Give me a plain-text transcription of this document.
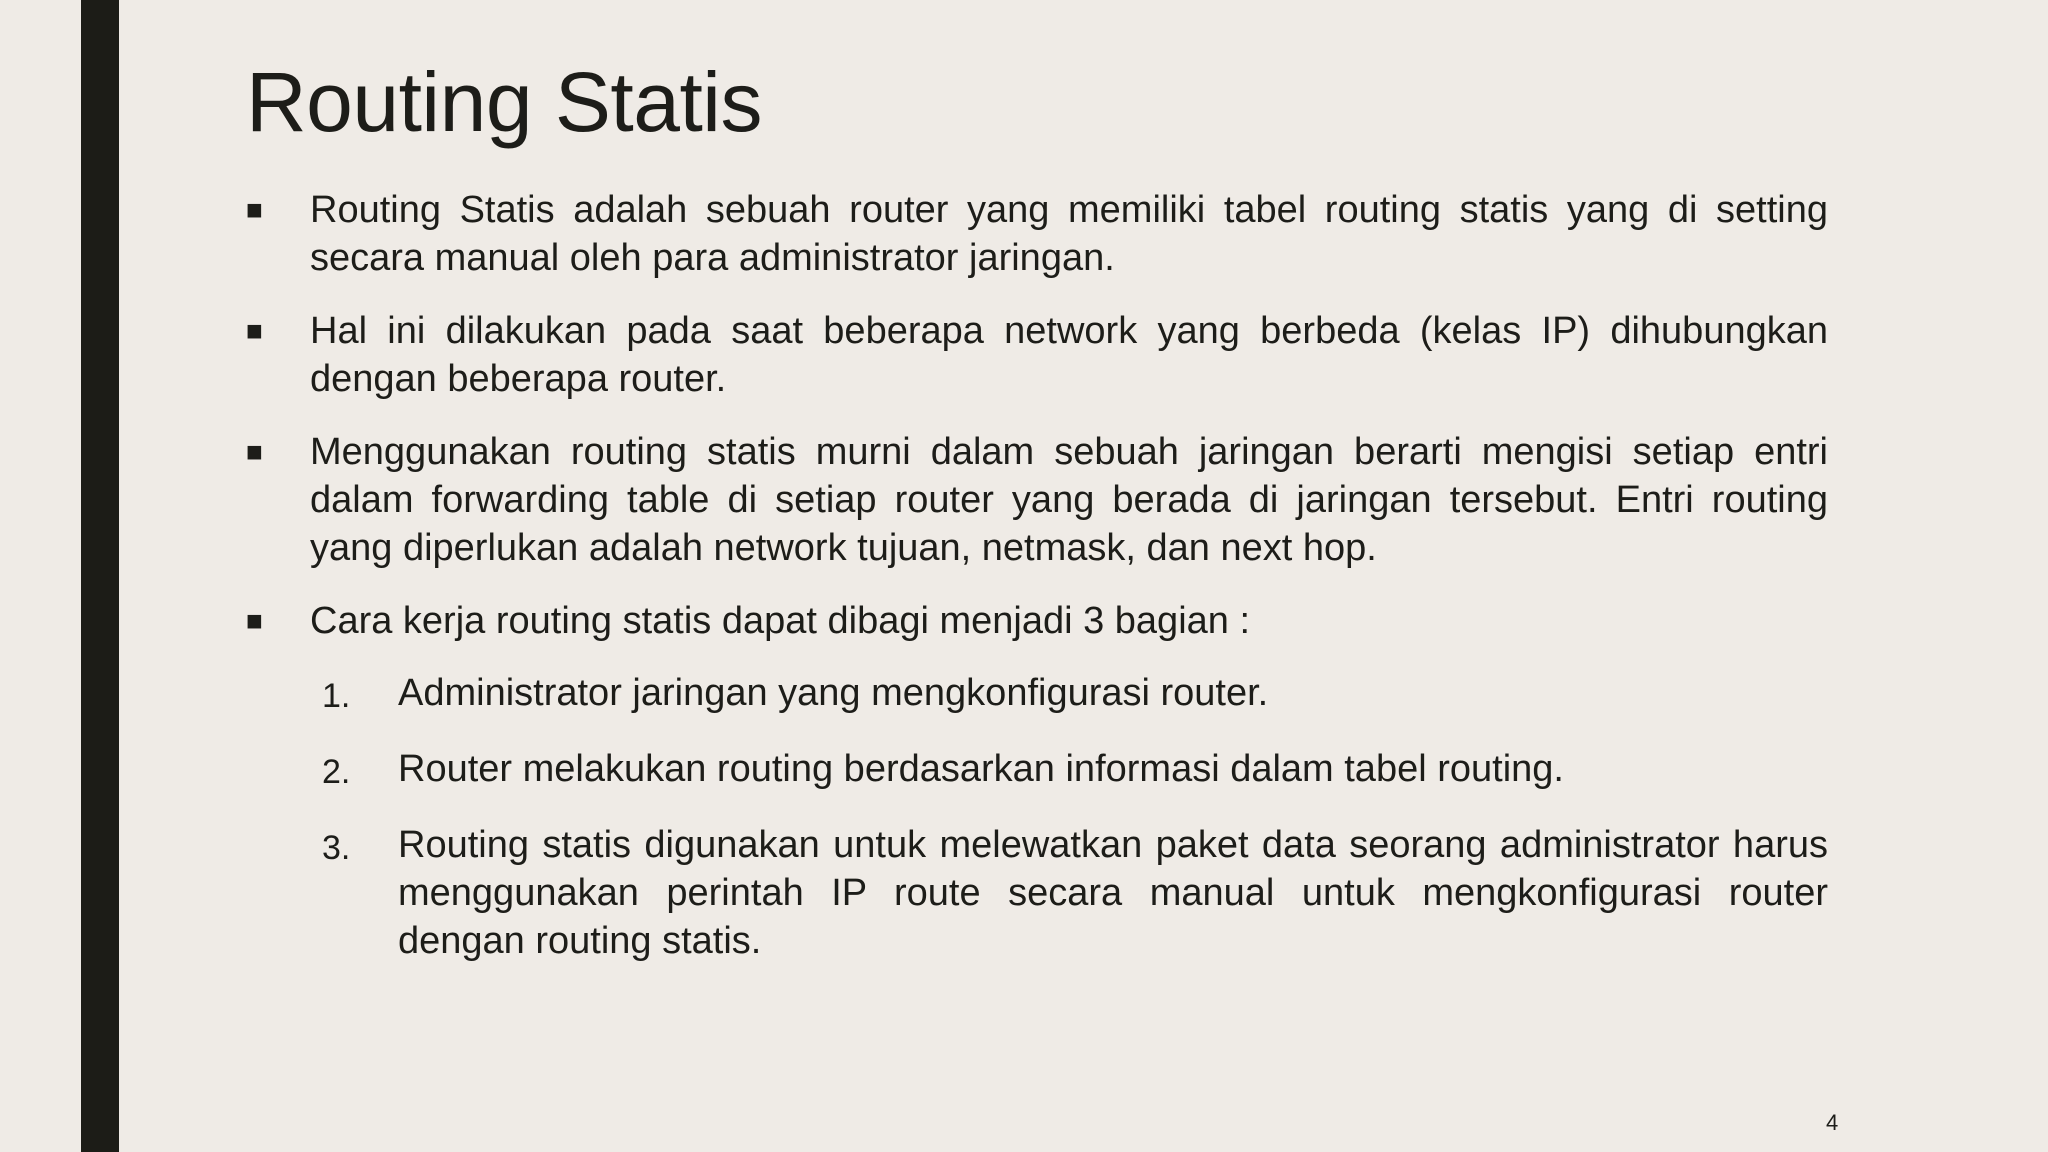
Routing Statis
■	Routing Statis adalah sebuah router yang memiliki tabel routing statis yang di setting secara manual oleh para administrator jaringan.
■	Hal ini dilakukan pada saat beberapa network yang berbeda (kelas IP) dihubungkan dengan beberapa router.
■	Menggunakan routing statis murni dalam sebuah jaringan berarti mengisi setiap entri dalam forwarding table di setiap router yang berada di jaringan tersebut. Entri routing yang diperlukan adalah network tujuan, netmask, dan next hop.
■	Cara kerja routing statis dapat dibagi menjadi 3 bagian :
1.	Administrator jaringan yang mengkonfigurasi router.
2.	Router melakukan routing berdasarkan informasi dalam tabel routing.
3.	Routing statis digunakan untuk melewatkan paket data seorang administrator harus menggunakan perintah IP route secara manual untuk mengkonfigurasi router dengan routing statis.
4
